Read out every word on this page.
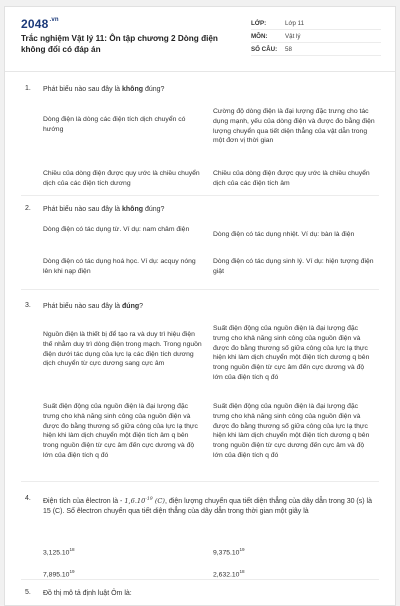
$2048^{.vn}$
Trắc nghiệm Vật lý 11: Ôn tập chương 2 Dòng điện không đổi có đáp án
LỚP:	Lớp 11
MÔN:	Vật lý
SỐ CÂU:	58
1. Phát biểu nào sau đây là không đúng?
Dòng điện là dòng các điện tích dịch chuyển có hướng
Cường độ dòng điện là đại lượng đặc trưng cho tác dụng mạnh, yếu của dòng điện và được đo bằng điện lượng chuyển qua tiết diện thẳng của vật dẫn trong một đơn vị thời gian
Chiều của dòng điện được quy ước là chiều chuyển dịch của các điện tích dương
Chiều của dòng điện được quy ước là chiều chuyển dịch của các điện tích âm
2. Phát biểu nào sau đây là không đúng?
Dòng điện có tác dụng từ. Ví dụ: nam châm điện
Dòng điện có tác dụng nhiệt. Ví dụ: bàn là điện
Dòng điện có tác dụng hoá học. Ví dụ: acquy nóng lên khi nạp điện
Dòng điện có tác dụng sinh lý. Ví dụ: hiện tượng điện giật
3. Phát biểu nào sau đây là đúng?
Nguồn điện là thiết bị để tạo ra và duy trì hiệu điện thế nhằm duy trì dòng điện trong mạch. Trong nguồn điện dưới tác dụng của lực lạ các điện tích dương dịch chuyển từ cực dương sang cực âm
Suất điện động của nguồn điện là đại lượng đặc trưng cho khả năng sinh công của nguồn điện và được đo bằng thương số giữa công của lực lạ thực hiện khi làm dịch chuyển một điện tích dương q bên trong nguồn điện từ cực âm đến cực dương và độ lớn của điện tích q đó
Suất điện động của nguồn điện là đại lượng đặc trưng cho khả năng sinh công của nguồn điện và được đo bằng thương số giữa công của lực lạ thực hiện khi làm dịch chuyển một điện tích âm q bên trong nguồn điện từ cực âm đến cực dương và độ lớn của điện tích q đó
Suất điện động của nguồn điện là đại lượng đặc trưng cho khả năng sinh công của nguồn điện và được đo bằng thương số giữa công của lực lạ thực hiện khi làm dịch chuyển một điện tích dương q bên trong nguồn điện từ cực dương đến cực âm và độ lớn của điện tích q đó
4. Điện tích của êlectron là - $1,6.10^{-19}$ (C), điện lượng chuyển qua tiết diện thẳng của dây dẫn trong 30 (s) là 15 (C). Số êlectron chuyển qua tiết diện thẳng của dây dẫn trong thời gian một giây là
3,125.10$^{18}$	9,375.10$^{19}$
7,895.10$^{19}$	2,632.10$^{18}$
5. Đồ thị mô tả định luật Ôm là:
